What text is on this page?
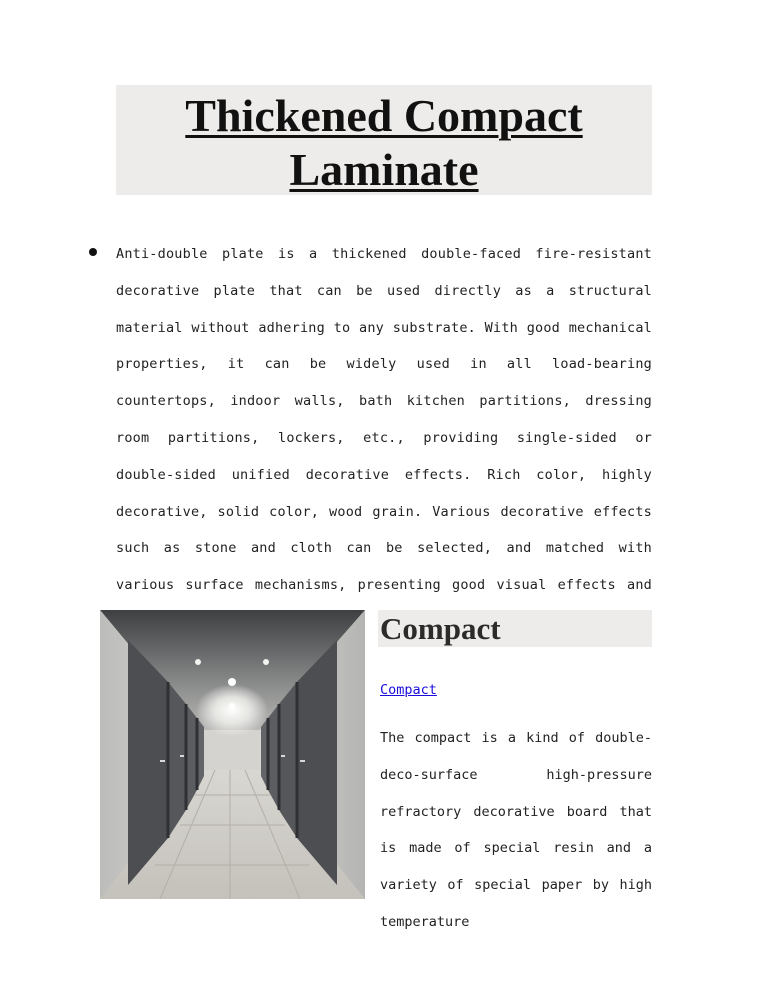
Thickened Compact Laminate

Anti-double plate is a thickened double-faced fire-resistant decorative plate that can be used directly as a structural material without adhering to any substrate. With good mechanical properties, it can be widely used in all load-bearing countertops, indoor walls, bath kitchen partitions, dressing room partitions, lockers, etc., providing single-sided or double-sided unified decorative effects. Rich color, highly decorative, solid color, wood grain. Various decorative effects such as stone and cloth can be selected, and matched with various surface mechanisms, presenting good visual effects and

Compact
Compact

The compact is a kind of double-deco-surface high-pressure refractory decorative board that is made of special resin and a variety of special paper by high temperature
